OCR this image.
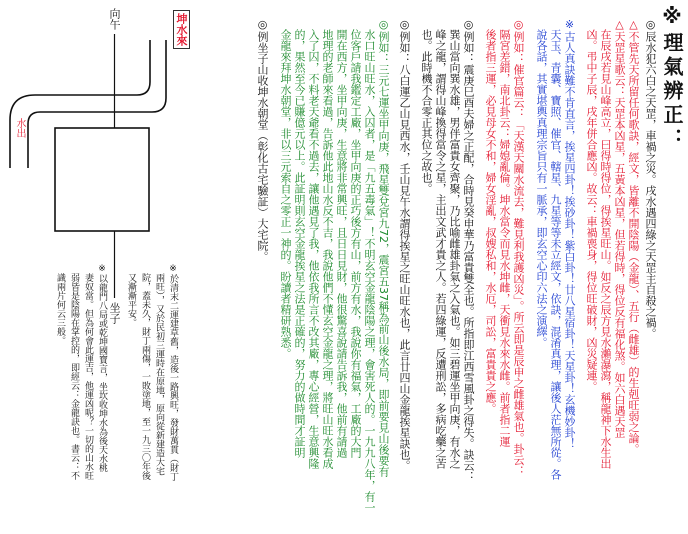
※理氣辨正：
向午	坤水來
水出
坐子	◎辰水犯六白之天罡，車禍之災。戌水遇四綠之天罡主自殺之禍。
△不管先天所留任何歌訣，經文，皆離不開陰陽（金龍）、五行（雌雄）的生剋旺弱之論。
△天罡星歌云：天罡本凶星，五黃本凶星，但若得時，得位反有福化煞。如六白遇天罡
在辰戌若見山峰高立，曰得時得位，得挨星旺山。如反之辰方見水瀨瀑瀉，稱龍神下水生出
凶。弔中子辰，戌年併合應凶。故云：車禍喪身，得位旺破財，凶災疑連。
※古人真訣難不肯直言，挨星四卦！挨砂卦！紫白卦！廿八星宿卦！天星卦！玄機妙卦！
天玉、青囊、寶照、催官、轄星、九星等等未立經文，依訣，混淆真理，讓後人茫無所從。各
說各話，其實堪輿真理宗旨只有一脈承，即玄空心印六法之演繹。
◎例如：催官篇云：「天漢天關水流去，難見利我護凶災」。所云即是辰申之雌雄氣也。卦云：
隔宮差錯，南北卦云：婦媳亂倫。坤水當令而見水坤雌，天衝見水來水雌。前者指二運
後者指三運，必見母女不和，婦女淫亂，叔嫂私和，水厄，司訟，富貴貴之應。
◎例如：震庚巳酉夫婦之正配，合時見癸申華乃富貴雙全也。所指即江西雪風卦之得失。訣云：
巽山當向巽水雄，男伴富貴女齊聚，乃比喻雌雄卦氣之入氣也。如三碧運坐甲向庚，有水之
峰之龍，謂得山峰換得當令之星，主出文武才貴之人。若四綠運，反遭刑訟，多病吃藥之苦
也。此時機不合零正其位之故也。
◎例如：八白運乙山見西水，壬山見午水謂得挨星之旺山旺水也，此言廿四山金龍挨星訣也。
◎例如：三元七運坐甲向庚，飛星雙兌宮九72，震宮五37稱為前山後水局，即前要見山後要有
水口旺山旺水，入囚者，是「九五毒氣」！不明玄空金龍陰陽之理，會害死人的。一九九八年，有一
位客戶請我鑑定工廠，坐甲向庚的正巧後方有山，前方有水，我說你有福氣，工廠的大門
開在西方，坐甲向庚，生意將非常興旺，且日日見財，他很驚喜說請告訴我，他前有請過
地理的老師來看過，告訴他此地山水反不吉，我說他們不懂玄空金龍之理，將旺山旺水看成
入了囚，不料老天爺看不過去，讓他遇見了我，他依我所言不改其廠，專心經營，生意興隆
的，果然至今已賺億元以上。此証明則玄空金龍挨星之法是正確的，努力的做時間才証明
金龍來拜坤水朝堂，非以三元索自之零正一神的。盼讀者精研熟悉。
◎例坐子山收坤水朝堂（彰化古宅驗証）大宅院。
※於清末二運建草舊，造後一路興旺，發財萬貫（財丁
兩旺），又於民初三運時在原地，原向從新建造大宅
院，蓋未久，財丁兩傷，一敗塗地，至一九三〇年後
又漸漸平安。
※以龍門八局或乾坤國寶言，坐坎收坤水為後天水桃
妻奴當。但為何會此運吉，他運凶呢？一切的山水旺
弱皆是陰陽在掌控的，即經云：金龍訣也。書云：不
識兩片何云三般。
